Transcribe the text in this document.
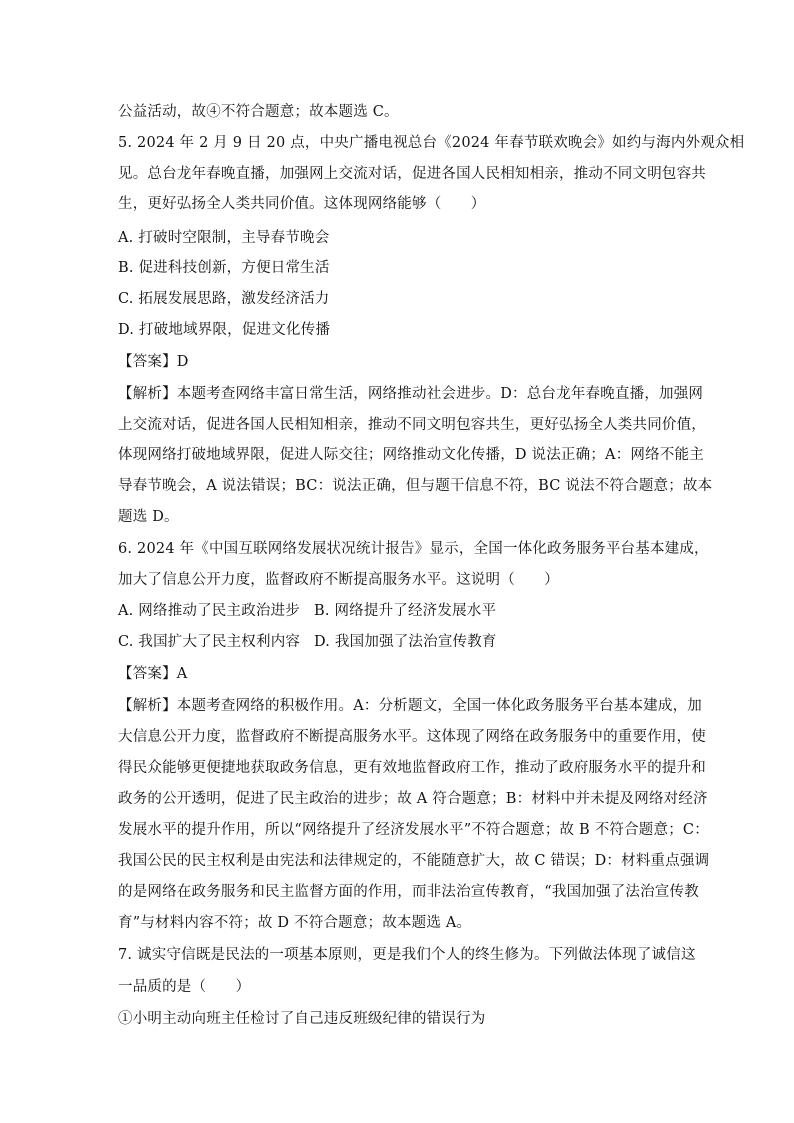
公益活动，故④不符合题意；故本题选 C。
5. 2024 年 2 月 9 日 20 点，中央广播电视总台《2024 年春节联欢晚会》如约与海内外观众相
见。总台龙年春晚直播，加强网上交流对话，促进各国人民相知相亲，推动不同文明包容共
生，更好弘扬全人类共同价值。这体现网络能够（　　）
A. 打破时空限制，主导春节晚会
B. 促进科技创新，方便日常生活
C. 拓展发展思路，激发经济活力
D. 打破地域界限，促进文化传播
【答案】D
【解析】本题考查网络丰富日常生活，网络推动社会进步。D：总台龙年春晚直播，加强网
上交流对话，促进各国人民相知相亲，推动不同文明包容共生，更好弘扬全人类共同价值，
体现网络打破地域界限，促进人际交往；网络推动文化传播，D 说法正确；A：网络不能主
导春节晚会，A 说法错误；BC：说法正确，但与题干信息不符，BC 说法不符合题意；故本
题选 D。
6. 2024 年《中国互联网络发展状况统计报告》显示，全国一体化政务服务平台基本建成，
加大了信息公开力度，监督政府不断提高服务水平。这说明（　　）
A. 网络推动了民主政治进步 B. 网络提升了经济发展水平
C. 我国扩大了民主权利内容 D. 我国加强了法治宣传教育
【答案】A
【解析】本题考查网络的积极作用。A：分析题文，全国一体化政务服务平台基本建成，加
大信息公开力度，监督政府不断提高服务水平。这体现了网络在政务服务中的重要作用，使
得民众能够更便捷地获取政务信息，更有效地监督政府工作，推动了政府服务水平的提升和
政务的公开透明，促进了民主政治的进步；故 A 符合题意；B：材料中并未提及网络对经济
发展水平的提升作用，所以“网络提升了经济发展水平”不符合题意；故 B 不符合题意；C：
我国公民的民主权利是由宪法和法律规定的，不能随意扩大，故 C 错误；D：材料重点强调
的是网络在政务服务和民主监督方面的作用，而非法治宣传教育，“我国加强了法治宣传教
育”与材料内容不符；故 D 不符合题意；故本题选 A。
7. 诚实守信既是民法的一项基本原则，更是我们个人的终生修为。下列做法体现了诚信这
一品质的是（　　）
①小明主动向班主任检讨了自己违反班级纪律的错误行为
